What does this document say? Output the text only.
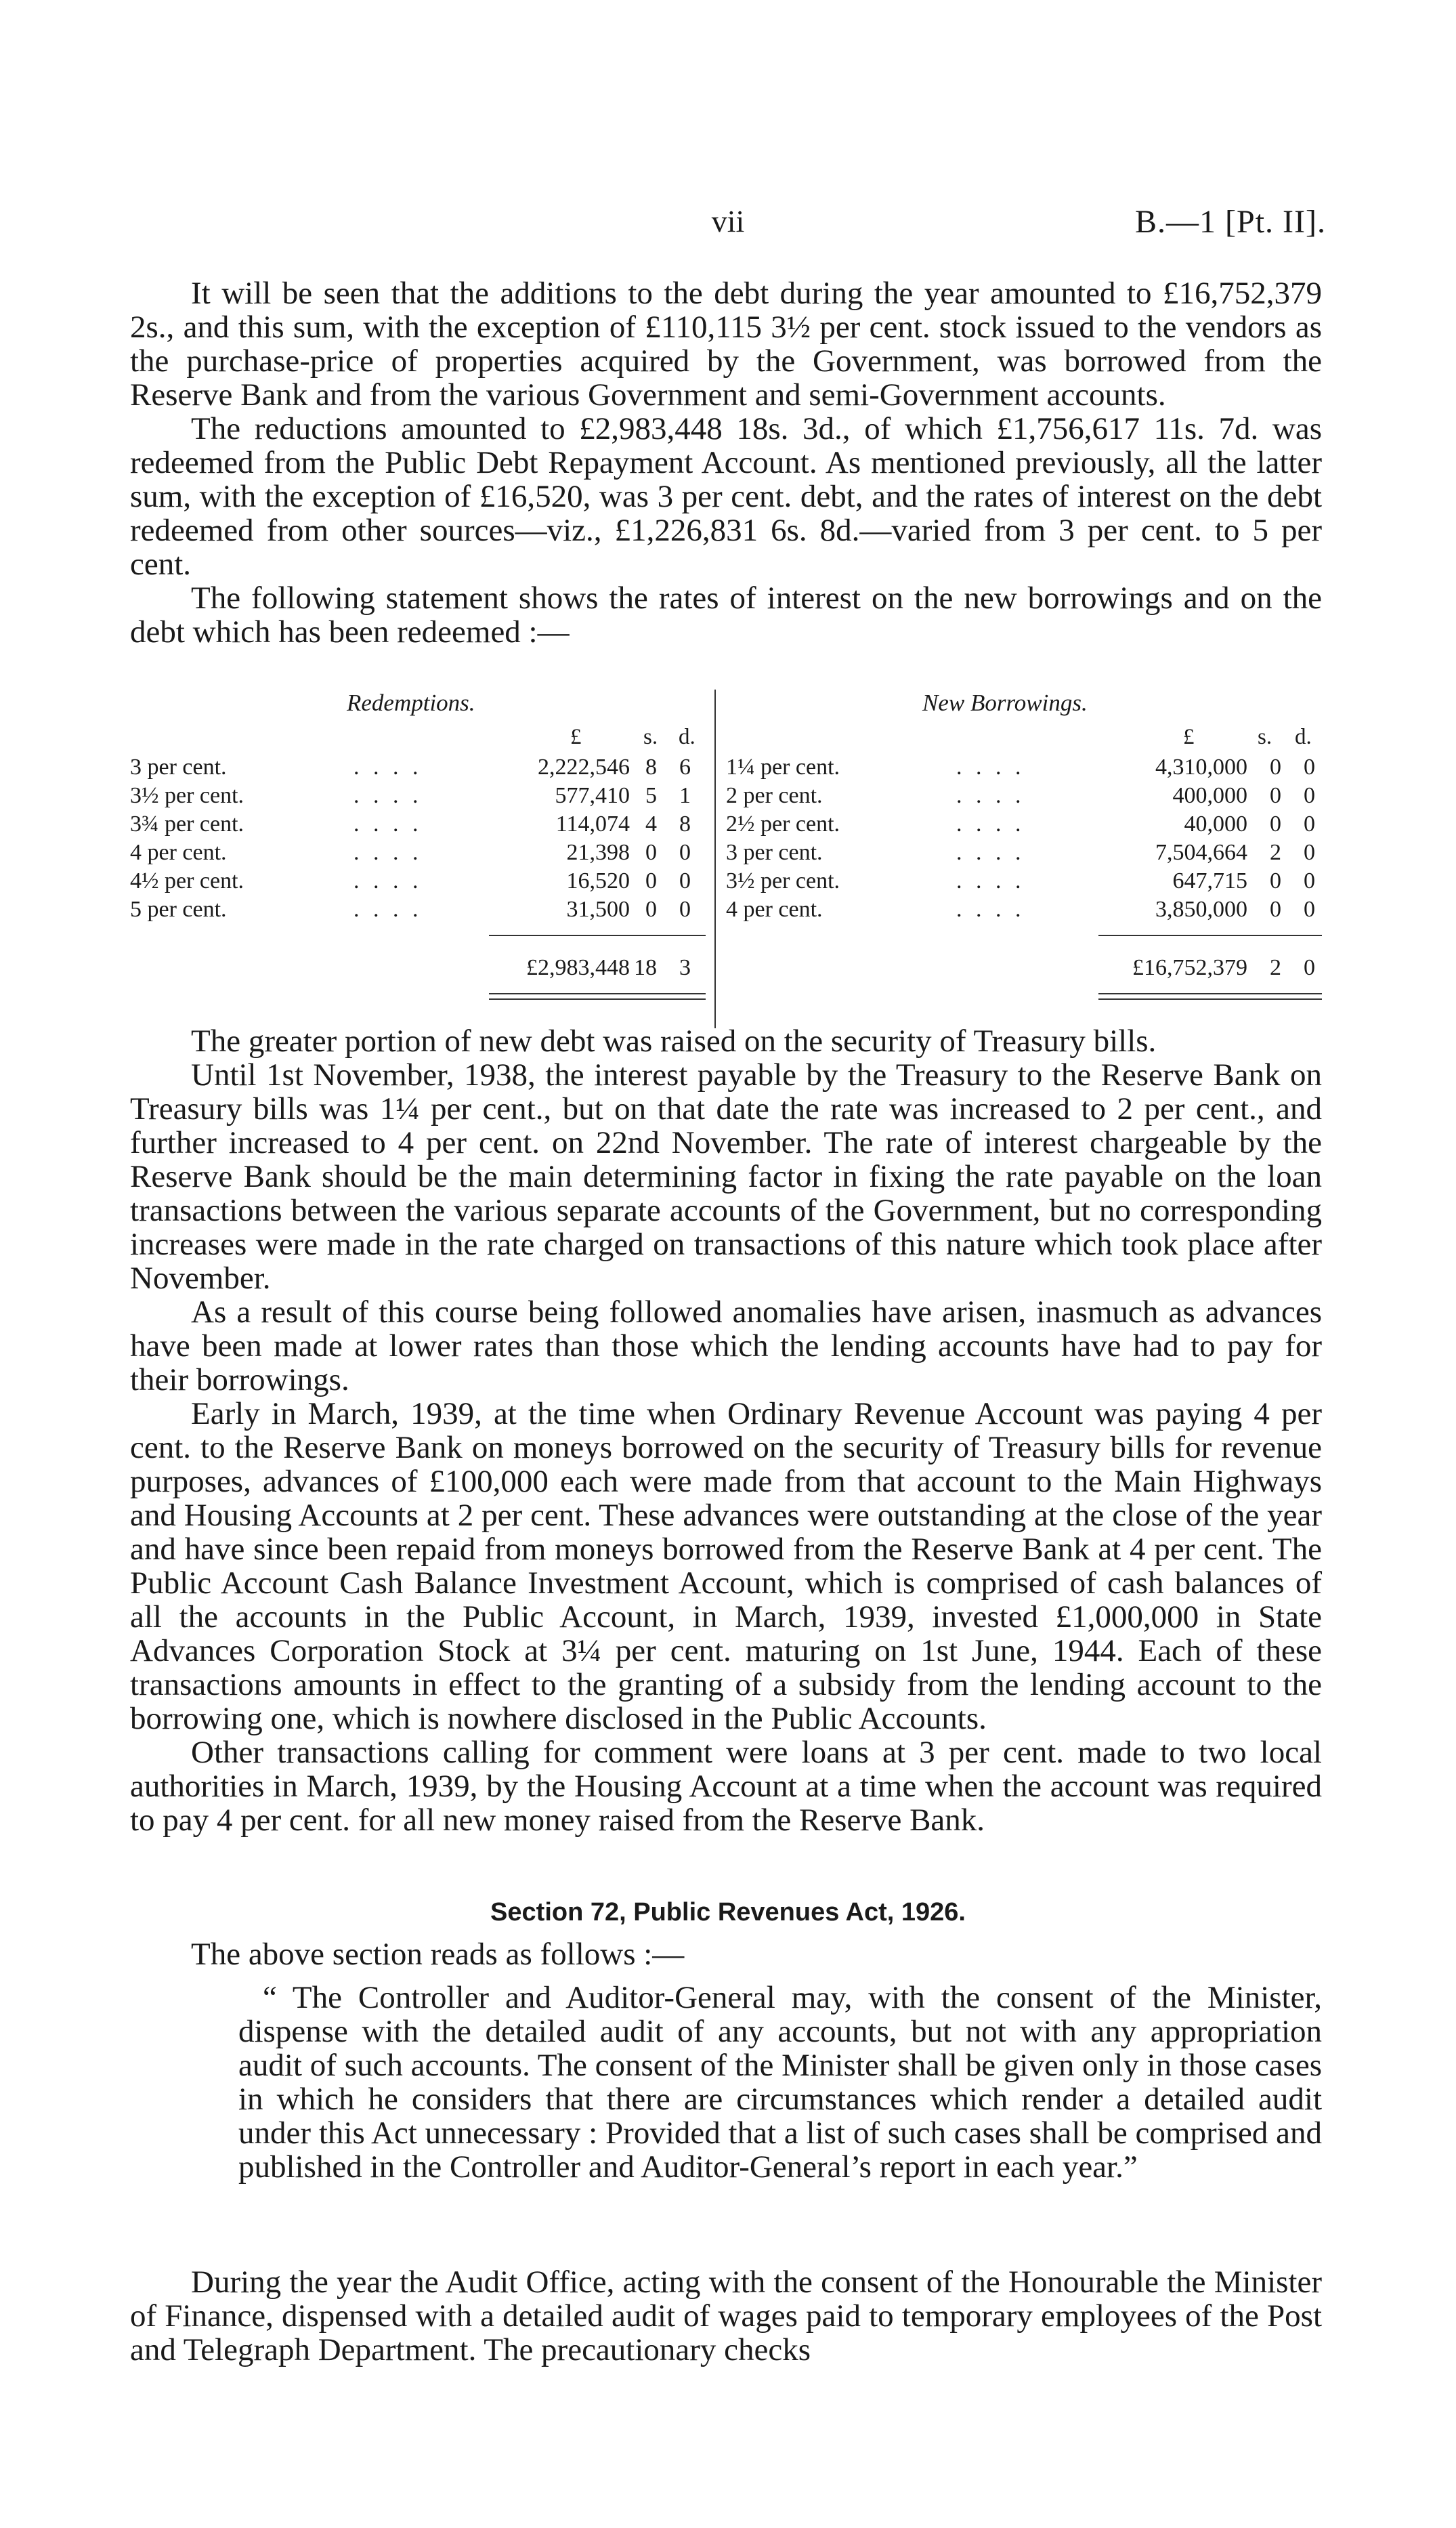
vii	B.—1 [Pt. II].

It will be seen that the additions to the debt during the year amounted to £16,752,379 2s., and this sum, with the exception of £110,115 3½ per cent. stock issued to the vendors as the purchase-price of properties acquired by the Government, was borrowed from the Reserve Bank and from the various Government and semi-Government accounts.

The reductions amounted to £2,983,448 18s. 3d., of which £1,756,617 11s. 7d. was redeemed from the Public Debt Repayment Account. As mentioned previously, all the latter sum, with the exception of £16,520, was 3 per cent. debt, and the rates of interest on the debt redeemed from other sources—viz., £1,226,831 6s. 8d.—varied from 3 per cent. to 5 per cent.

The following statement shows the rates of interest on the new borrowings and on the debt which has been redeemed :—

Redemptions.	New Borrowings.
£	s. d.	£	s. d.
3 per cent.	. . . .	2,222,546 8 6
3½ per cent.	. . . .	577,410 5 1
3¾ per cent.	. . . .	114,074 4 8
4 per cent.	. . . .	21,398 0 0
4½ per cent.	. . . .	16,520 0 0
5 per cent.	. . . .	31,500 0 0
1¼ per cent.	. . . .	4,310,000 0 0
2 per cent.	. . . .	400,000 0 0
2½ per cent.	. . . .	40,000 0 0
3 per cent.	. . . .	7,504,664 2 0
3½ per cent.	. . . .	647,715 0 0
4 per cent.	. . . .	3,850,000 0 0
£2,983,448 18 3	£16,752,379 2 0

The greater portion of new debt was raised on the security of Treasury bills.

Until 1st November, 1938, the interest payable by the Treasury to the Reserve Bank on Treasury bills was 1¼ per cent., but on that date the rate was increased to 2 per cent., and further increased to 4 per cent. on 22nd November. The rate of interest chargeable by the Reserve Bank should be the main determining factor in fixing the rate payable on the loan transactions between the various separate accounts of the Government, but no corresponding increases were made in the rate charged on transactions of this nature which took place after November.

As a result of this course being followed anomalies have arisen, inasmuch as advances have been made at lower rates than those which the lending accounts have had to pay for their borrowings.

Early in March, 1939, at the time when Ordinary Revenue Account was paying 4 per cent. to the Reserve Bank on moneys borrowed on the security of Treasury bills for revenue purposes, advances of £100,000 each were made from that account to the Main Highways and Housing Accounts at 2 per cent. These advances were outstanding at the close of the year and have since been repaid from moneys borrowed from the Reserve Bank at 4 per cent. The Public Account Cash Balance Investment Account, which is comprised of cash balances of all the accounts in the Public Account, in March, 1939, invested £1,000,000 in State Advances Corporation Stock at 3¼ per cent. maturing on 1st June, 1944. Each of these transactions amounts in effect to the granting of a subsidy from the lending account to the borrowing one, which is nowhere disclosed in the Public Accounts.

Other transactions calling for comment were loans at 3 per cent. made to two local authorities in March, 1939, by the Housing Account at a time when the account was required to pay 4 per cent. for all new money raised from the Reserve Bank.

Section 72, Public Revenues Act, 1926.

The above section reads as follows :—

“ The Controller and Auditor-General may, with the consent of the Minister, dispense with the detailed audit of any accounts, but not with any appropriation audit of such accounts. The consent of the Minister shall be given only in those cases in which he considers that there are circumstances which render a detailed audit under this Act unnecessary : Provided that a list of such cases shall be comprised and published in the Controller and Auditor-General’s report in each year.”

During the year the Audit Office, acting with the consent of the Honourable the Minister of Finance, dispensed with a detailed audit of wages paid to temporary employees of the Post and Telegraph Department. The precautionary checks
